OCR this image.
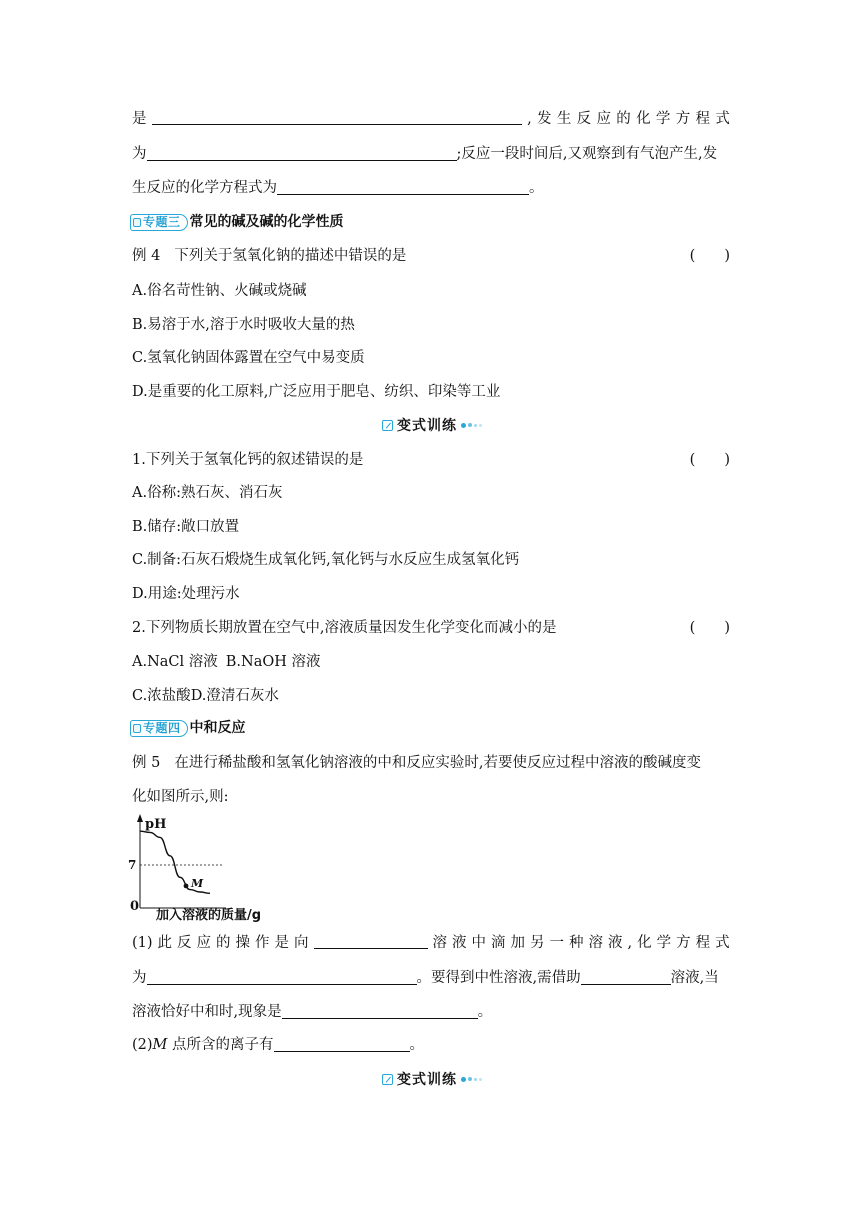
是	, 发 生 反 应 的 化 学 方 程 式
为	;反应一段时间后,又观察到有气泡产生,发
生反应的化学方程式为	。
专题三 常见的碱及碱的化学性质
例 4 下列关于氢氧化钠的描述中错误的是	(　　)
A.俗名苛性钠、火碱或烧碱
B.易溶于水,溶于水时吸收大量的热
C.氢氧化钠固体露置在空气中易变质
D.是重要的化工原料,广泛应用于肥皂、纺织、印染等工业
变式训练
1.下列关于氢氧化钙的叙述错误的是	(　　)
A.俗称:熟石灰、消石灰
B.储存:敞口放置
C.制备:石灰石煅烧生成氧化钙,氧化钙与水反应生成氢氧化钙
D.用途:处理污水
2.下列物质长期放置在空气中,溶液质量因发生化学变化而减小的是	(　　)
A.NaCl 溶液 B.NaOH 溶液
C.浓盐酸D.澄清石灰水
专题四 中和反应
例 5 在进行稀盐酸和氢氧化钠溶液的中和反应实验时,若要使反应过程中溶液的酸碱度变
化如图所示,则:
pH
7
M
0
加入溶液的质量/g
(1) 此 反 应 的 操 作 是 向	溶 液 中 滴 加 另 一 种 溶 液 , 化 学 方 程 式
为	。要得到中性溶液,需借助	溶液,当
溶液恰好中和时,现象是	。
(2)M 点所含的离子有	。
变式训练
